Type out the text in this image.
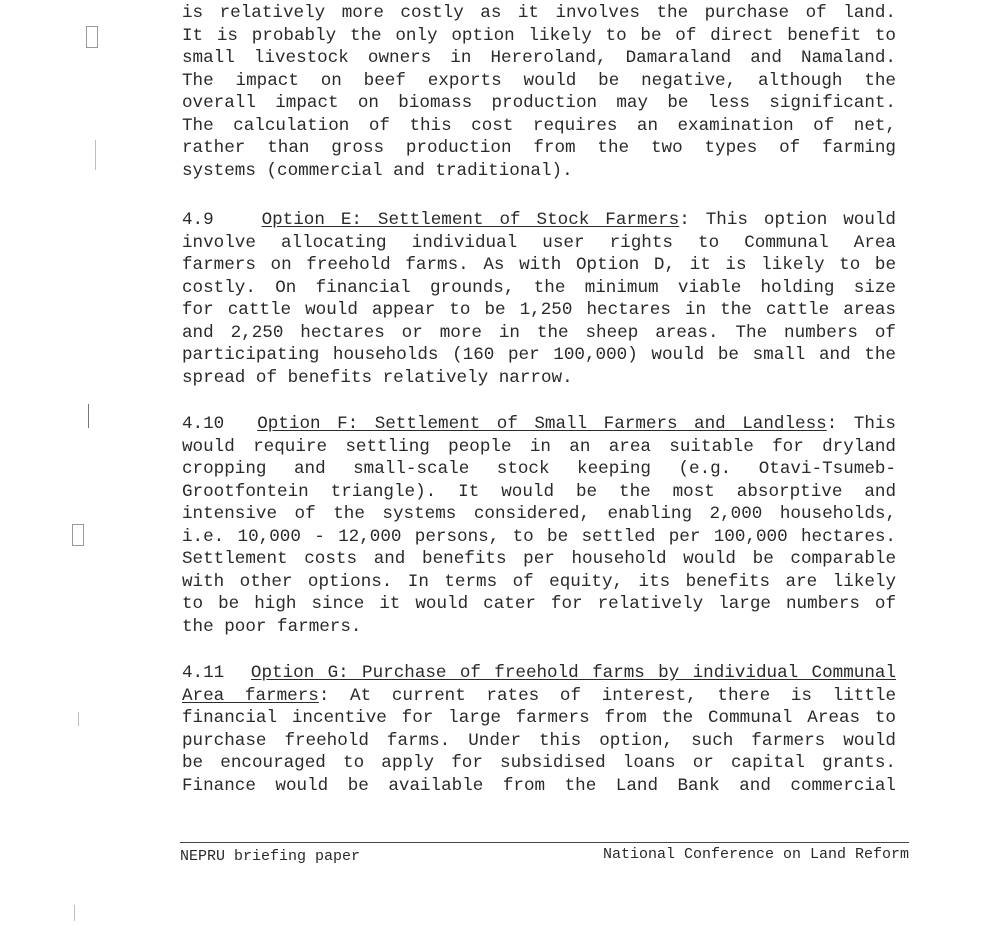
is relatively more costly as it involves the purchase of land.
It is probably the only option likely to be of direct benefit to
small livestock owners in Hereroland, Damaraland and Namaland.
The impact on beef exports would be negative, although the
overall impact on biomass production may be less significant.
The calculation of this cost requires an examination of net,
rather than gross production from the two types of farming
systems (commercial and traditional).
4.9	Option E: Settlement of Stock Farmers: This option would
involve allocating individual user rights to Communal Area
farmers on freehold farms. As with Option D, it is likely to be
costly. On financial grounds, the minimum viable holding size
for cattle would appear to be 1,250 hectares in the cattle areas
and 2,250 hectares or more in the sheep areas. The numbers of
participating households (160 per 100,000) would be small and the
spread of benefits relatively narrow.
4.10 Option F: Settlement of Small Farmers and Landless: This
would require settling people in an area suitable for dryland
cropping and small-scale stock keeping (e.g. Otavi-Tsumeb-
Grootfontein triangle). It would be the most absorptive and
intensive of the systems considered, enabling 2,000 households,
i.e. 10,000 - 12,000 persons, to be settled per 100,000 hectares.
Settlement costs and benefits per household would be comparable
with other options. In terms of equity, its benefits are likely
to be high since it would cater for relatively large numbers of
the poor farmers.
4.11 Option G: Purchase of freehold farms by individual Communal
Area farmers: At current rates of interest, there is little
financial incentive for large farmers from the Communal Areas to
purchase freehold farms. Under this option, such farmers would
be encouraged to apply for subsidised loans or capital grants.
Finance would be available from the Land Bank and commercial
NEPRU briefing paper	National Conference on Land Reform
